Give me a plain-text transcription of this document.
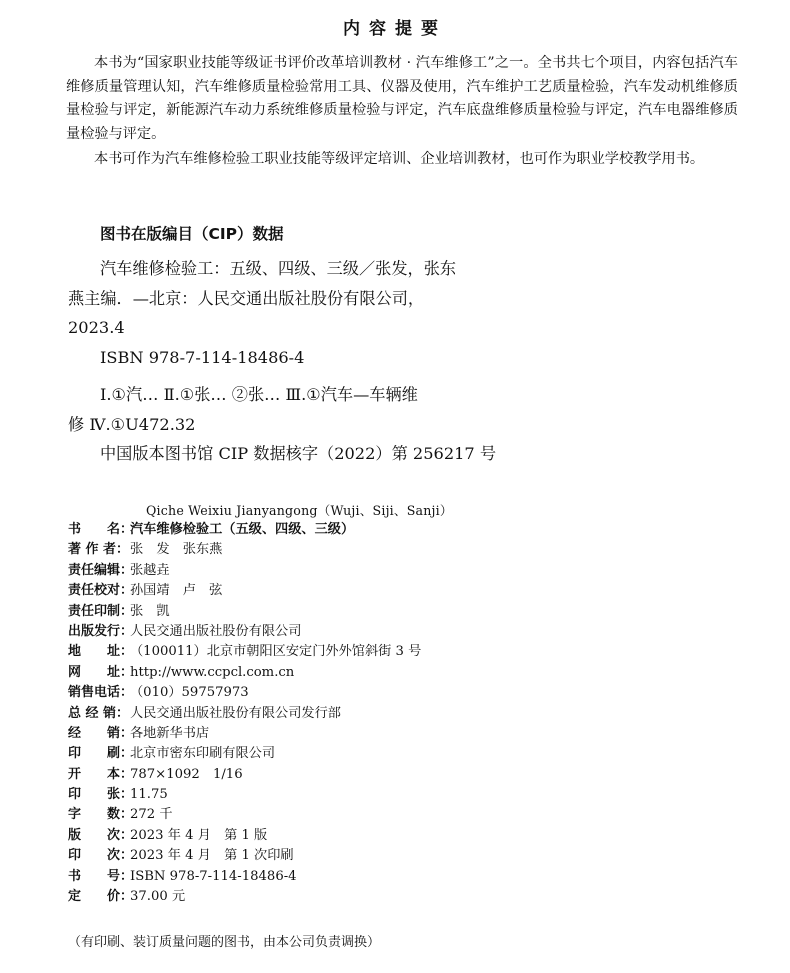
内容提要

本书为“国家职业技能等级证书评价改革培训教材 · 汽车维修工”之一。全书共七个项目，内容包括汽车维修质量管理认知，汽车维修质量检验常用工具、仪器及使用，汽车维护工艺质量检验，汽车发动机维修质量检验与评定，新能源汽车动力系统维修质量检验与评定，汽车底盘维修质量检验与评定，汽车电器维修质量检验与评定。

本书可作为汽车维修检验工职业技能等级评定培训、企业培训教材，也可作为职业学校教学用书。

图书在版编目（CIP）数据
汽车维修检验工：五级、四级、三级／张发，张东
燕主编．—北京：人民交通出版社股份有限公司，
2023.4
ISBN 978-7-114-18486-4
Ⅰ.①汽… Ⅱ.①张… ②张… Ⅲ.①汽车—车辆维
修 Ⅳ.①U472.32
中国版本图书馆 CIP 数据核字（2022）第 256217 号
Qiche Weixiu Jianyangong（Wuji、Siji、Sanji）
书　　名：
汽车维修检验工（五级、四级、三级）
著 作 者： 张　发　张东燕
责任编辑：
张越垚
责任校对：
孙国靖　卢　弦
责任印制：
张　凯
出版发行：
人民交通出版社股份有限公司
地　　址：
（100011）北京市朝阳区安定门外外馆斜街 3 号
网　　址：
http://www.ccpcl.com.cn
销售电话：
（010）59757973
总 经 销： 人民交通出版社股份有限公司发行部
经　　销：
各地新华书店
印　　刷：
北京市密东印刷有限公司
开　　本：
787×1092　1/16
印　　张：
11.75
字　　数：
272 千
版　　次：
2023 年 4 月　第 1 版
印　　次：
2023 年 4 月　第 1 次印刷
书　　号：
ISBN 978-7-114-18486-4
定　　价：
37.00 元
（有印刷、装订质量问题的图书，由本公司负责调换）
